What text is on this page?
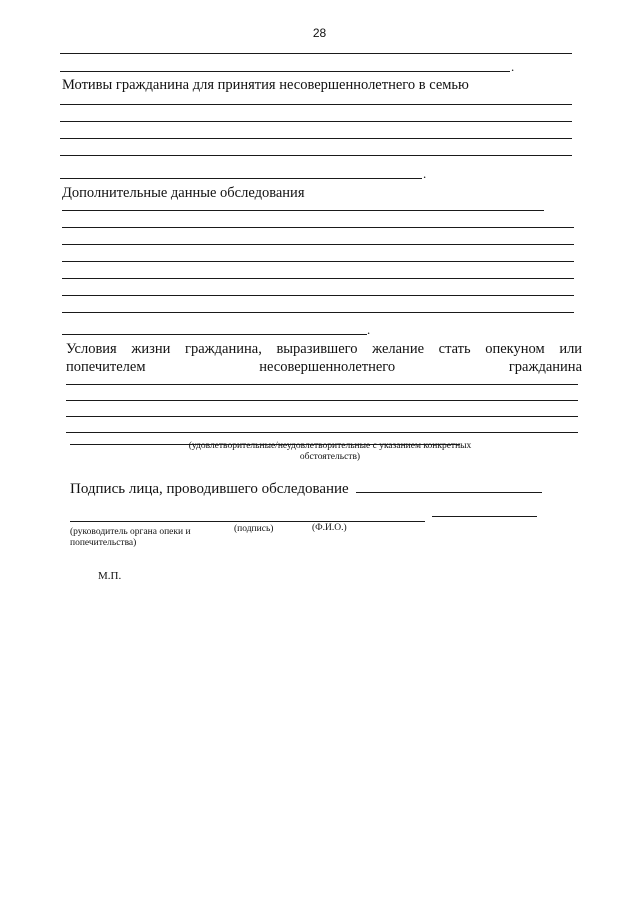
28
.
Мотивы гражданина для принятия несовершеннолетнего в семью
.
Дополнительные данные обследования
.
Условия жизни гражданина, выразившего желание стать опекуном или
попечителем	несовершеннолетнего	гражданина
(удовлетворительные/неудовлетворительные с указанием конкретных
обстоятельств)
Подпись лица, проводившего обследование
(руководитель органа опеки и
попечительства)
(подпись)	(Ф.И.О.)
М.П.
